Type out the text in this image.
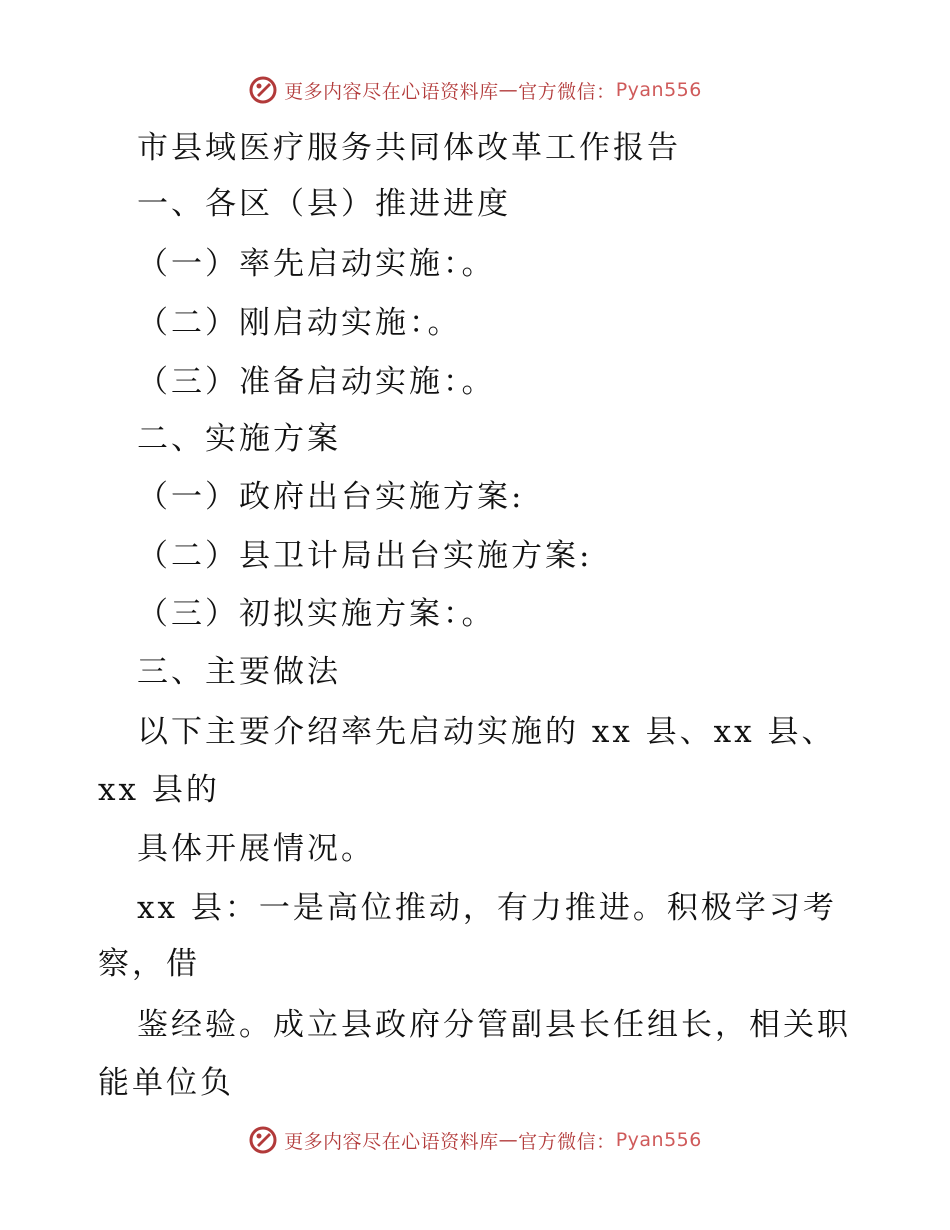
更多内容尽在心语资料库 — 官方微信： Pyan556
市县域医疗服务共同体改革工作报告
一、各区（县）推进进度
（一）率先启动实施：。
（二）刚启动实施：。
（三）准备启动实施：。
二、实施方案
（一）政府出台实施方案:
（二）县卫计局出台实施方案:
（三）初拟实施方案：。
三、主要做法
以下主要介绍率先启动实施的 xx 县、xx 县、
xx 县的
具体开展情况。
xx 县：一是高位推动，有力推进。积极学习考
察，借
鉴经验。成立县政府分管副县长任组长，相关职
能单位负
更多内容尽在心语资料库 — 官方微信： Pyan556
